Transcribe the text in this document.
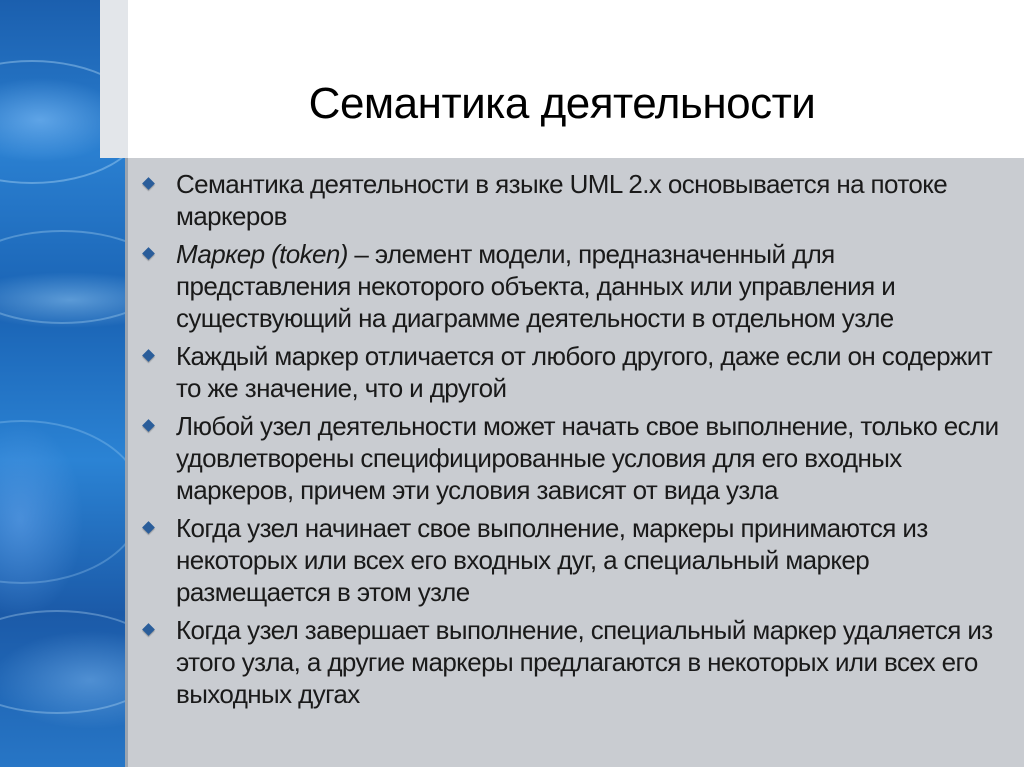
Семантика деятельности
Семантика деятельности в языке UML 2.x основывается на потоке маркеров
Маркер (token) – элемент модели, предназначенный для представления некоторого объекта, данных или управления и существующий на диаграмме деятельности в отдельном узле
Каждый маркер отличается от любого другого, даже если он содержит то же значение, что и другой
Любой узел деятельности может начать свое выполнение, только если удовлетворены специфицированные условия для его входных маркеров, причем эти условия зависят от вида узла
Когда узел начинает свое выполнение, маркеры принимаются из некоторых или всех его входных дуг, а специальный маркер размещается в этом узле
Когда узел завершает выполнение, специальный маркер удаляется из этого узла, а другие маркеры предлагаются в некоторых или всех его выходных дугах
